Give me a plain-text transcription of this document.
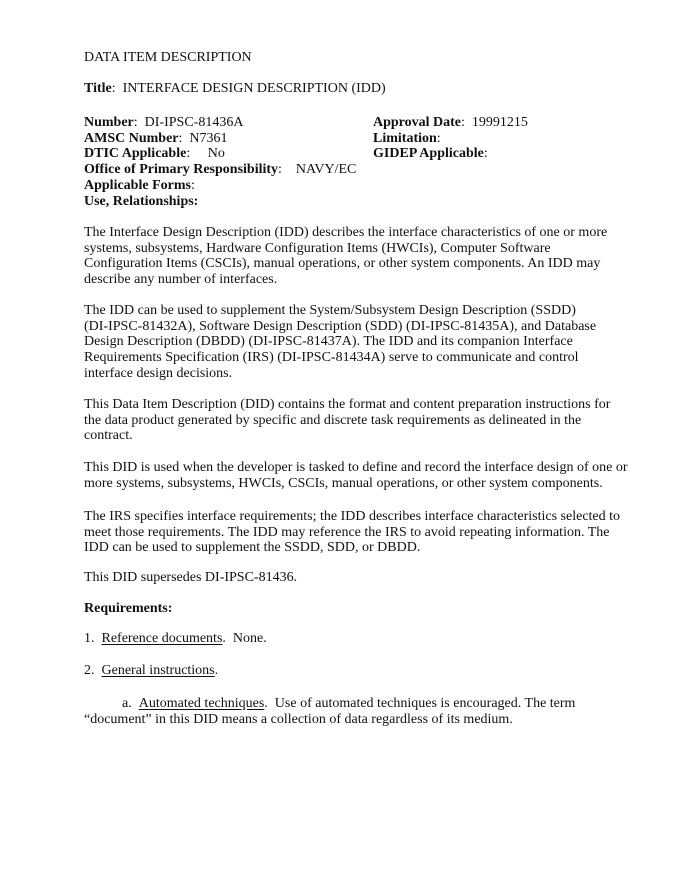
DATA ITEM DESCRIPTION
Title:  INTERFACE DESIGN DESCRIPTION (IDD)
Number:  DI-IPSC-81436A
AMSC Number:  N7361
DTIC Applicable:     No
Office of Primary Responsibility:    NAVY/EC
Applicable Forms:
Use, Relationships:
Approval Date:  19991215
Limitation:
GIDEP Applicable:
The Interface Design Description (IDD) describes the interface characteristics of one or more
systems, subsystems, Hardware Configuration Items (HWCIs), Computer Software
Configuration Items (CSCIs), manual operations, or other system components. An IDD may
describe any number of interfaces.
The IDD can be used to supplement the System/Subsystem Design Description (SSDD)
(DI-IPSC-81432A), Software Design Description (SDD) (DI-IPSC-81435A), and Database
Design Description (DBDD) (DI-IPSC-81437A). The IDD and its companion Interface
Requirements Specification (IRS) (DI-IPSC-81434A) serve to communicate and control
interface design decisions.
This Data Item Description (DID) contains the format and content preparation instructions for
the data product generated by specific and discrete task requirements as delineated in the
contract.
This DID is used when the developer is tasked to define and record the interface design of one or
more systems, subsystems, HWCIs, CSCIs, manual operations, or other system components.
The IRS specifies interface requirements; the IDD describes interface characteristics selected to
meet those requirements. The IDD may reference the IRS to avoid repeating information. The
IDD can be used to supplement the SSDD, SDD, or DBDD.
This DID supersedes DI-IPSC-81436.
Requirements:
1. Reference documents.  None.
2. General instructions.
a. Automated techniques.  Use of automated techniques is encouraged. The term
“document” in this DID means a collection of data regardless of its medium.
